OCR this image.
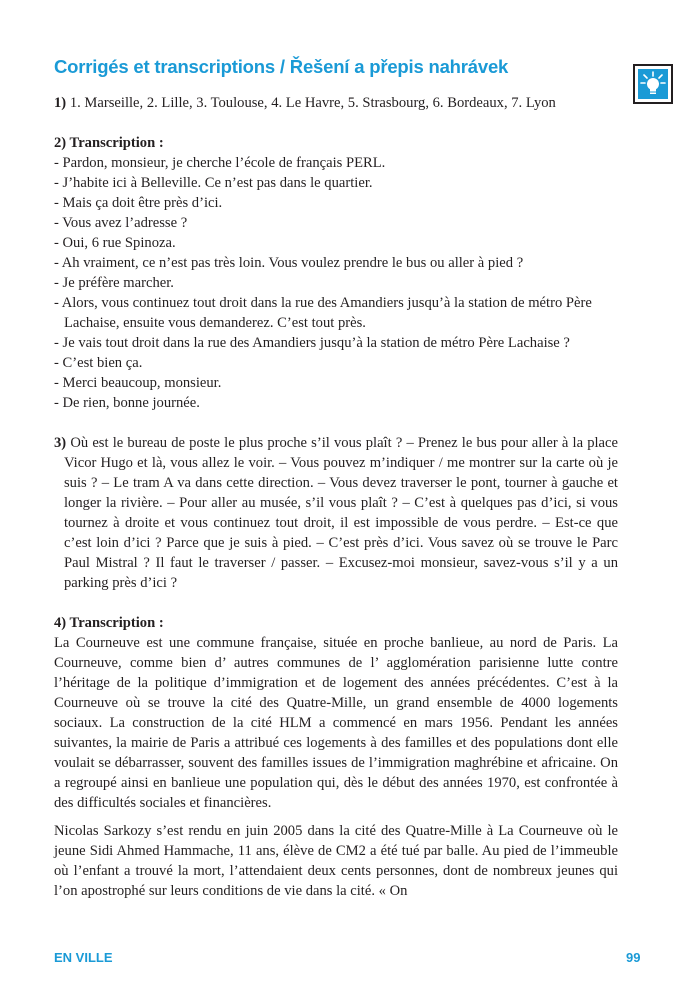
Corrigés et transcriptions / Řešení a přepis nahrávek

1) 1. Marseille, 2. Lille, 3. Toulouse, 4. Le Havre, 5. Strasbourg, 6. Bordeaux, 7. Lyon

2) Transcription :

- Pardon, monsieur, je cherche l’école de français PERL.
- J’habite ici à Belleville. Ce n’est pas dans le quartier.
- Mais ça doit être près d’ici.
- Vous avez l’adresse ?
- Oui, 6 rue Spinoza.
- Ah vraiment, ce n’est pas très loin. Vous voulez prendre le bus ou aller à pied ?
- Je préfère marcher.
- Alors, vous continuez tout droit dans la rue des Amandiers jusqu’à la station de métro Père Lachaise, ensuite vous demanderez. C’est tout près.
- Je vais tout droit dans la rue des Amandiers jusqu’à la station de métro Père Lachaise ?
- C’est bien ça.
- Merci beaucoup, monsieur.
- De rien, bonne journée.

3) Où est le bureau de poste le plus proche s’il vous plaît ? – Prenez le bus pour aller à la place Vicor Hugo et là, vous allez le voir. – Vous pouvez m’indiquer / me montrer sur la carte où je suis ? – Le tram A va dans cette direction. – Vous devez traverser le pont, tourner à gauche et longer la rivière. – Pour aller au musée, s’il vous plaît ? – C’est à quelques pas d’ici, si vous tournez à droite et vous continuez tout droit, il est impossible de vous perdre. – Est-ce que c’est loin d’ici ? Parce que je suis à pied. – C’est près d’ici. Vous savez où se trouve le Parc Paul Mistral ? Il faut le traverser / passer. – Excusez-moi monsieur, savez-vous s’il y a un parking près d’ici ?

4) Transcription :

La Courneuve est une commune française, située en proche banlieue, au nord de Paris. La Courneuve, comme bien d’ autres communes de l’ agglomération parisienne lutte contre l’héritage de la politique d’immigration et de logement des années précédentes. C’est à la Courneuve où se trouve la cité des Quatre-Mille, un grand ensemble de 4000 logements sociaux. La construction de la cité HLM a commencé en mars 1956. Pendant les années suivantes, la mairie de Paris a attribué ces logements à des familles et des populations dont elle voulait se débarrasser, souvent des familles issues de l’immigration maghrébine et africaine. On a regroupé ainsi en banlieue une population qui, dès le début des années 1970, est confrontée à des difficultés sociales et financières.

Nicolas Sarkozy s’est rendu en juin 2005 dans la cité des Quatre-Mille à La Courneuve où le jeune Sidi Ahmed Hammache, 11 ans, élève de CM2 a été tué par balle. Au pied de l’immeuble où l’enfant a trouvé la mort, l’attendaient deux cents personnes, dont de nombreux jeunes qui l’on apostrophé sur leurs conditions de vie dans la cité. « On

EN VILLE	99
